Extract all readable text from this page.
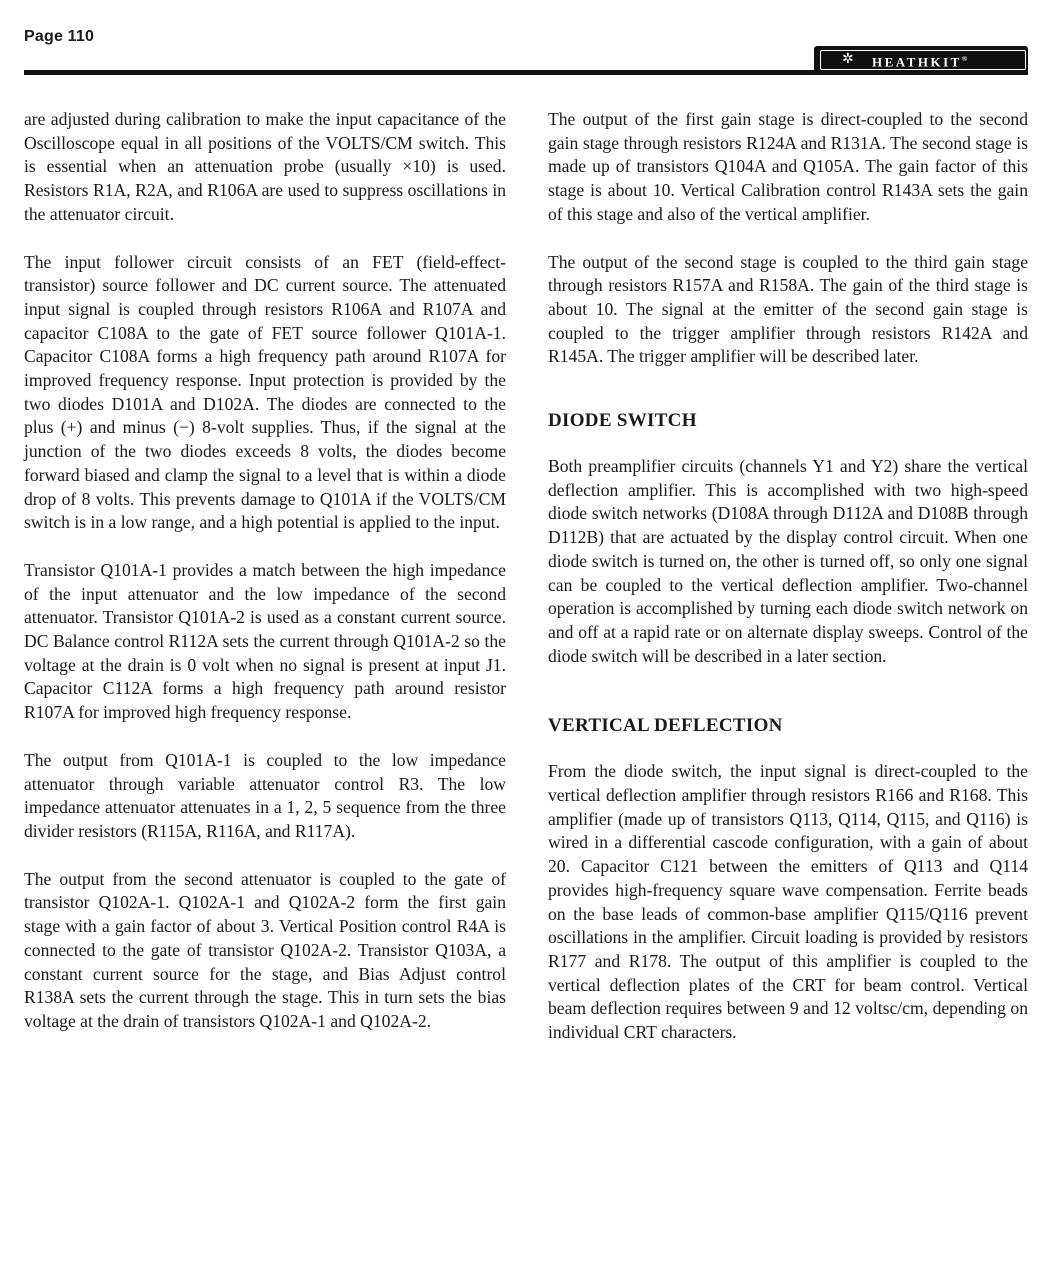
Page 110
✲ HEATHKIT®

are adjusted during calibration to make the input capacitance of the Oscilloscope equal in all positions of the VOLTS/CM switch. This is essential when an attenuation probe (usually ×10) is used. Resistors R1A, R2A, and R106A are used to suppress oscillations in the attenuator circuit.

The input follower circuit consists of an FET (field-effect-transistor) source follower and DC current source. The attenuated input signal is coupled through resistors R106A and R107A and capacitor C108A to the gate of FET source follower Q101A-1. Capacitor C108A forms a high frequency path around R107A for improved frequency response. Input protection is provided by the two diodes D101A and D102A. The diodes are connected to the plus (+) and minus (−) 8-volt supplies. Thus, if the signal at the junction of the two diodes exceeds 8 volts, the diodes become forward biased and clamp the signal to a level that is within a diode drop of 8 volts. This prevents damage to Q101A if the VOLTS/CM switch is in a low range, and a high potential is applied to the input.

Transistor Q101A-1 provides a match between the high impedance of the input attenuator and the low impedance of the second attenuator. Transistor Q101A-2 is used as a constant current source. DC Balance control R112A sets the current through Q101A-2 so the voltage at the drain is 0 volt when no signal is present at input J1. Capacitor C112A forms a high frequency path around resistor R107A for improved high frequency response.

The output from Q101A-1 is coupled to the low impedance attenuator through variable attenuator control R3. The low impedance attenuator attenuates in a 1, 2, 5 sequence from the three divider resistors (R115A, R116A, and R117A).

The output from the second attenuator is coupled to the gate of transistor Q102A-1. Q102A-1 and Q102A-2 form the first gain stage with a gain factor of about 3. Vertical Position control R4A is connected to the gate of transistor Q102A-2. Transistor Q103A, a constant current source for the stage, and Bias Adjust control R138A sets the current through the stage. This in turn sets the bias voltage at the drain of transistors Q102A-1 and Q102A-2.

The output of the first gain stage is direct-coupled to the second gain stage through resistors R124A and R131A. The second stage is made up of transistors Q104A and Q105A. The gain factor of this stage is about 10. Vertical Calibration control R143A sets the gain of this stage and also of the vertical amplifier.

The output of the second stage is coupled to the third gain stage through resistors R157A and R158A. The gain of the third stage is about 10. The signal at the emitter of the second gain stage is coupled to the trigger amplifier through resistors R142A and R145A. The trigger amplifier will be described later.

DIODE SWITCH

Both preamplifier circuits (channels Y1 and Y2) share the vertical deflection amplifier. This is accomplished with two high-speed diode switch networks (D108A through D112A and D108B through D112B) that are actuated by the display control circuit. When one diode switch is turned on, the other is turned off, so only one signal can be coupled to the vertical deflection amplifier. Two-channel operation is accomplished by turning each diode switch network on and off at a rapid rate or on alternate display sweeps. Control of the diode switch will be described in a later section.

VERTICAL DEFLECTION

From the diode switch, the input signal is direct-coupled to the vertical deflection amplifier through resistors R166 and R168. This amplifier (made up of transistors Q113, Q114, Q115, and Q116) is wired in a differential cascode configuration, with a gain of about 20. Capacitor C121 between the emitters of Q113 and Q114 provides high-frequency square wave compensation. Ferrite beads on the base leads of common-base amplifier Q115/Q116 prevent oscillations in the amplifier. Circuit loading is provided by resistors R177 and R178. The output of this amplifier is coupled to the vertical deflection plates of the CRT for beam control. Vertical beam deflection requires between 9 and 12 voltsc/cm, depending on individual CRT characters.
